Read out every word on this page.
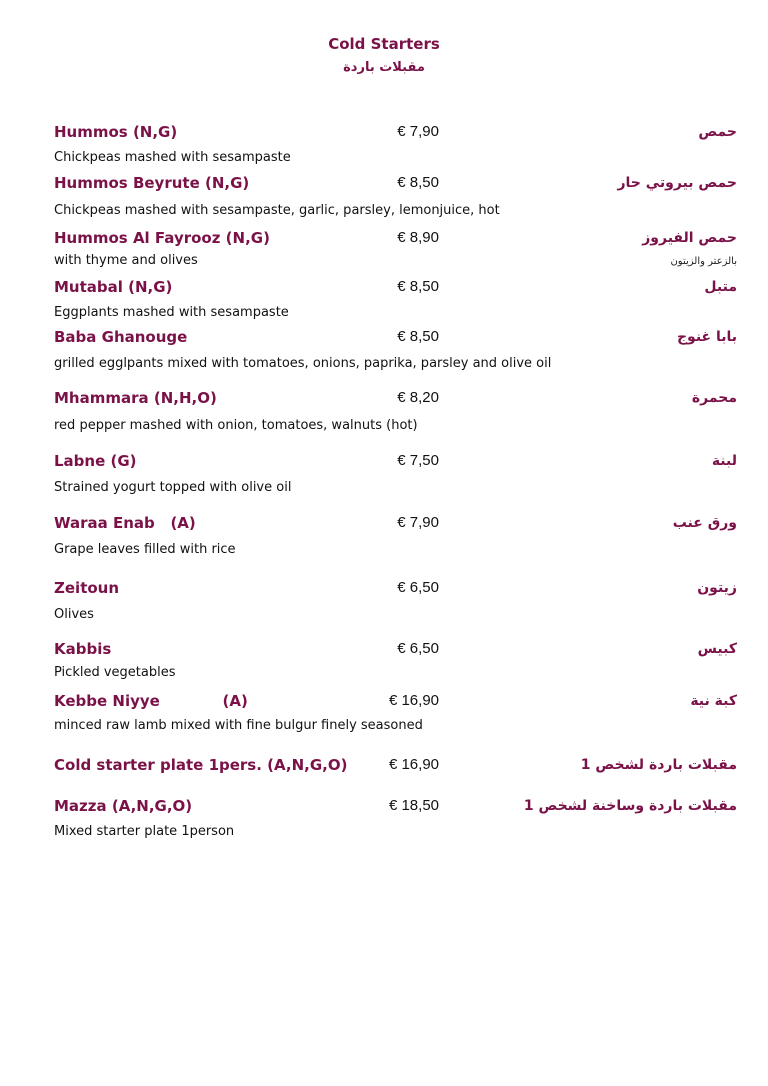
Cold Starters
مقبلات باردة
Hummos (N,G)	€ 7,90	حمص
Chickpeas mashed with sesampaste
Hummos Beyrute (N,G)	€ 8,50	حمص بيروتي حار
Chickpeas mashed with sesampaste, garlic, parsley, lemonjuice, hot
Hummos Al Fayrooz (N,G)	€ 8,90	حمص الفيروز
with thyme and olives	بالزعتر والزيتون
Mutabal (N,G)	€ 8,50	متبل
Eggplants mashed with sesampaste
Baba Ghanouge	€ 8,50	بابا غنوج
grilled egglpants mixed with tomatoes, onions, paprika, parsley and olive oil
Mhammara (N,H,O)	€ 8,20	محمرة
red pepper mashed with onion, tomatoes, walnuts (hot)
Labne (G)	€ 7,50	لبنة
Strained yogurt topped with olive oil
Waraa Enab   (A)	€ 7,90	ورق عنب
Grape leaves filled with rice
Zeitoun	€ 6,50	زيتون
Olives
Kabbis	€ 6,50	كبيس
Pickled vegetables
Kebbe Niyye            (A)	€ 16,90	كبة نية
minced raw lamb mixed with fine bulgur finely seasoned
Cold starter plate 1pers. (A,N,G,O)	€ 16,90	مقبلات باردة لشخص 1
Mazza (A,N,G,O)	€ 18,50	مقبلات باردة وساخنة لشخص 1
Mixed starter plate 1person
